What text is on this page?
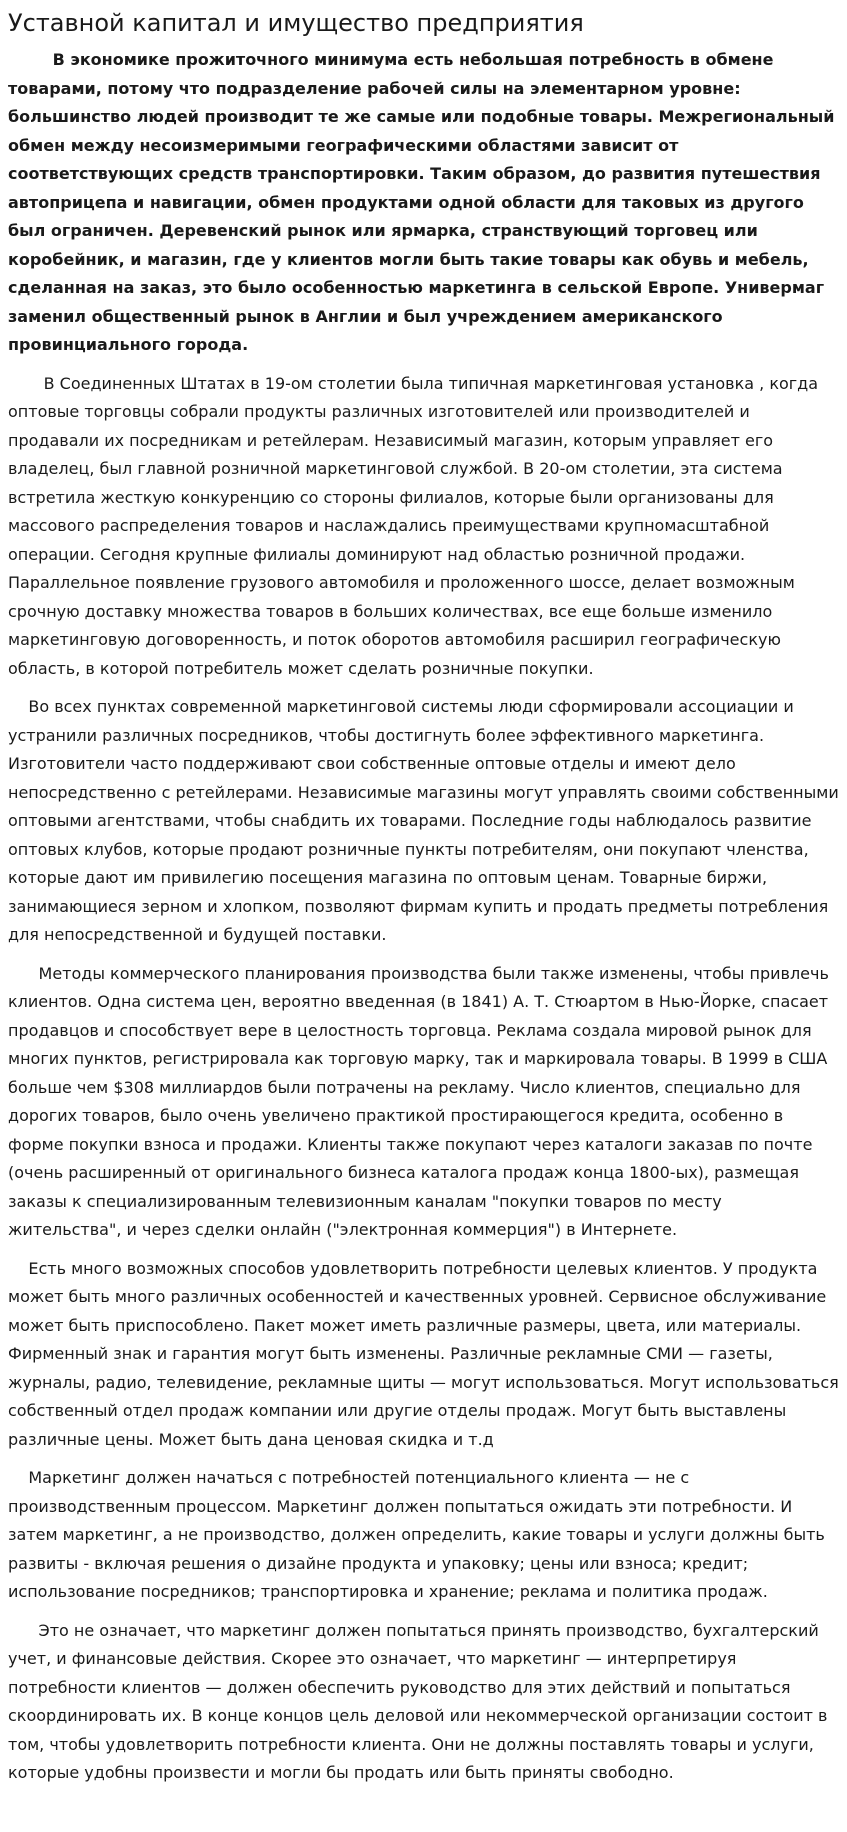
Уставной капитал и имущество предприятия

В экономике прожиточного минимума есть небольшая потребность в обмене товарами, потому что подразделение рабочей силы на элементарном уровне: большинство людей производит те же самые или подобные товары. Межрегиональный обмен между несоизмеримыми географическими областями зависит от соответствующих средств транспортировки. Таким образом, до развития путешествия автоприцепа и навигации, обмен продуктами одной области для таковых из другого был ограничен. Деревенский рынок или ярмарка, странствующий торговец или коробейник, и магазин, где у клиентов могли быть такие товары как обувь и мебель, сделанная на заказ, это было особенностью маркетинга в сельской Европе. Универмаг заменил общественный рынок в Англии и был учреждением американского провинциального города.

В Соединенных Штатах в 19-ом столетии была типичная маркетинговая установка , когда оптовые торговцы собрали продукты различных изготовителей или производителей и продавали их посредникам и ретейлерам. Независимый магазин, которым управляет его владелец, был главной розничной маркетинговой службой. В 20-ом столетии, эта система встретила жесткую конкуренцию со стороны филиалов, которые были организованы для массового распределения товаров и наслаждались преимуществами крупномасштабной операции. Сегодня крупные филиалы доминируют над областью розничной продажи. Параллельное появление грузового автомобиля и проложенного шоссе, делает возможным срочную доставку множества товаров в больших количествах, все еще больше изменило маркетинговую договоренность, и поток оборотов автомобиля расширил географическую область, в которой потребитель может сделать розничные покупки.

Во всех пунктах современной маркетинговой системы люди сформировали ассоциации и устранили различных посредников, чтобы достигнуть более эффективного маркетинга. Изготовители часто поддерживают свои собственные оптовые отделы и имеют дело непосредственно с ретейлерами. Независимые магазины могут управлять своими собственными оптовыми агентствами, чтобы снабдить их товарами. Последние годы наблюдалось развитие оптовых клубов, которые продают розничные пункты потребителям, они покупают членства, которые дают им привилегию посещения магазина по оптовым ценам. Товарные биржи, занимающиеся зерном и хлопком, позволяют фирмам купить и продать предметы потребления для непосредственной и будущей поставки.

Методы коммерческого планирования производства были также изменены, чтобы привлечь клиентов. Одна система цен, вероятно введенная (в 1841) А. Т. Стюартом в Нью-Йорке, спасает продавцов и способствует вере в целостность торговца. Реклама создала мировой рынок для многих пунктов, регистрировала как торговую марку, так и маркировала товары. В 1999 в США больше чем $308 миллиардов были потрачены на рекламу. Число клиентов, специально для дорогих товаров, было очень увеличено практикой простирающегося кредита, особенно в форме покупки взноса и продажи. Клиенты также покупают через каталоги заказав по почте (очень расширенный от оригинального бизнеса каталога продаж конца 1800-ых), размещая заказы к специализированным телевизионным каналам "покупки товаров по месту жительства", и через сделки онлайн ("электронная коммерция") в Интернете.

Есть много возможных способов удовлетворить потребности целевых клиентов. У продукта может быть много различных особенностей и качественных уровней. Сервисное обслуживание может быть приспособлено. Пакет может иметь различные размеры, цвета, или материалы. Фирменный знак и гарантия могут быть изменены. Различные рекламные СМИ — газеты, журналы, радио, телевидение, рекламные щиты — могут использоваться. Могут использоваться собственный отдел продаж компании или другие отделы продаж. Могут быть выставлены различные цены. Может быть дана ценовая скидка и т.д

Маркетинг должен начаться с потребностей потенциального клиента — не с производственным процессом. Маркетинг должен попытаться ожидать эти потребности. И затем маркетинг, а не производство, должен определить, какие товары и услуги должны быть развиты - включая решения о дизайне продукта и упаковку; цены или взноса; кредит; использование посредников; транспортировка и хранение; реклама и политика продаж.

Это не означает, что маркетинг должен попытаться принять производство, бухгалтерский учет, и финансовые действия. Скорее это означает, что маркетинг — интерпретируя потребности клиентов — должен обеспечить руководство для этих действий и попытаться скоординировать их. В конце концов цель деловой или некоммерческой организации состоит в том, чтобы удовлетворить потребности клиента. Они не должны поставлять товары и услуги, которые удобны произвести и могли бы продать или быть приняты свободно.
